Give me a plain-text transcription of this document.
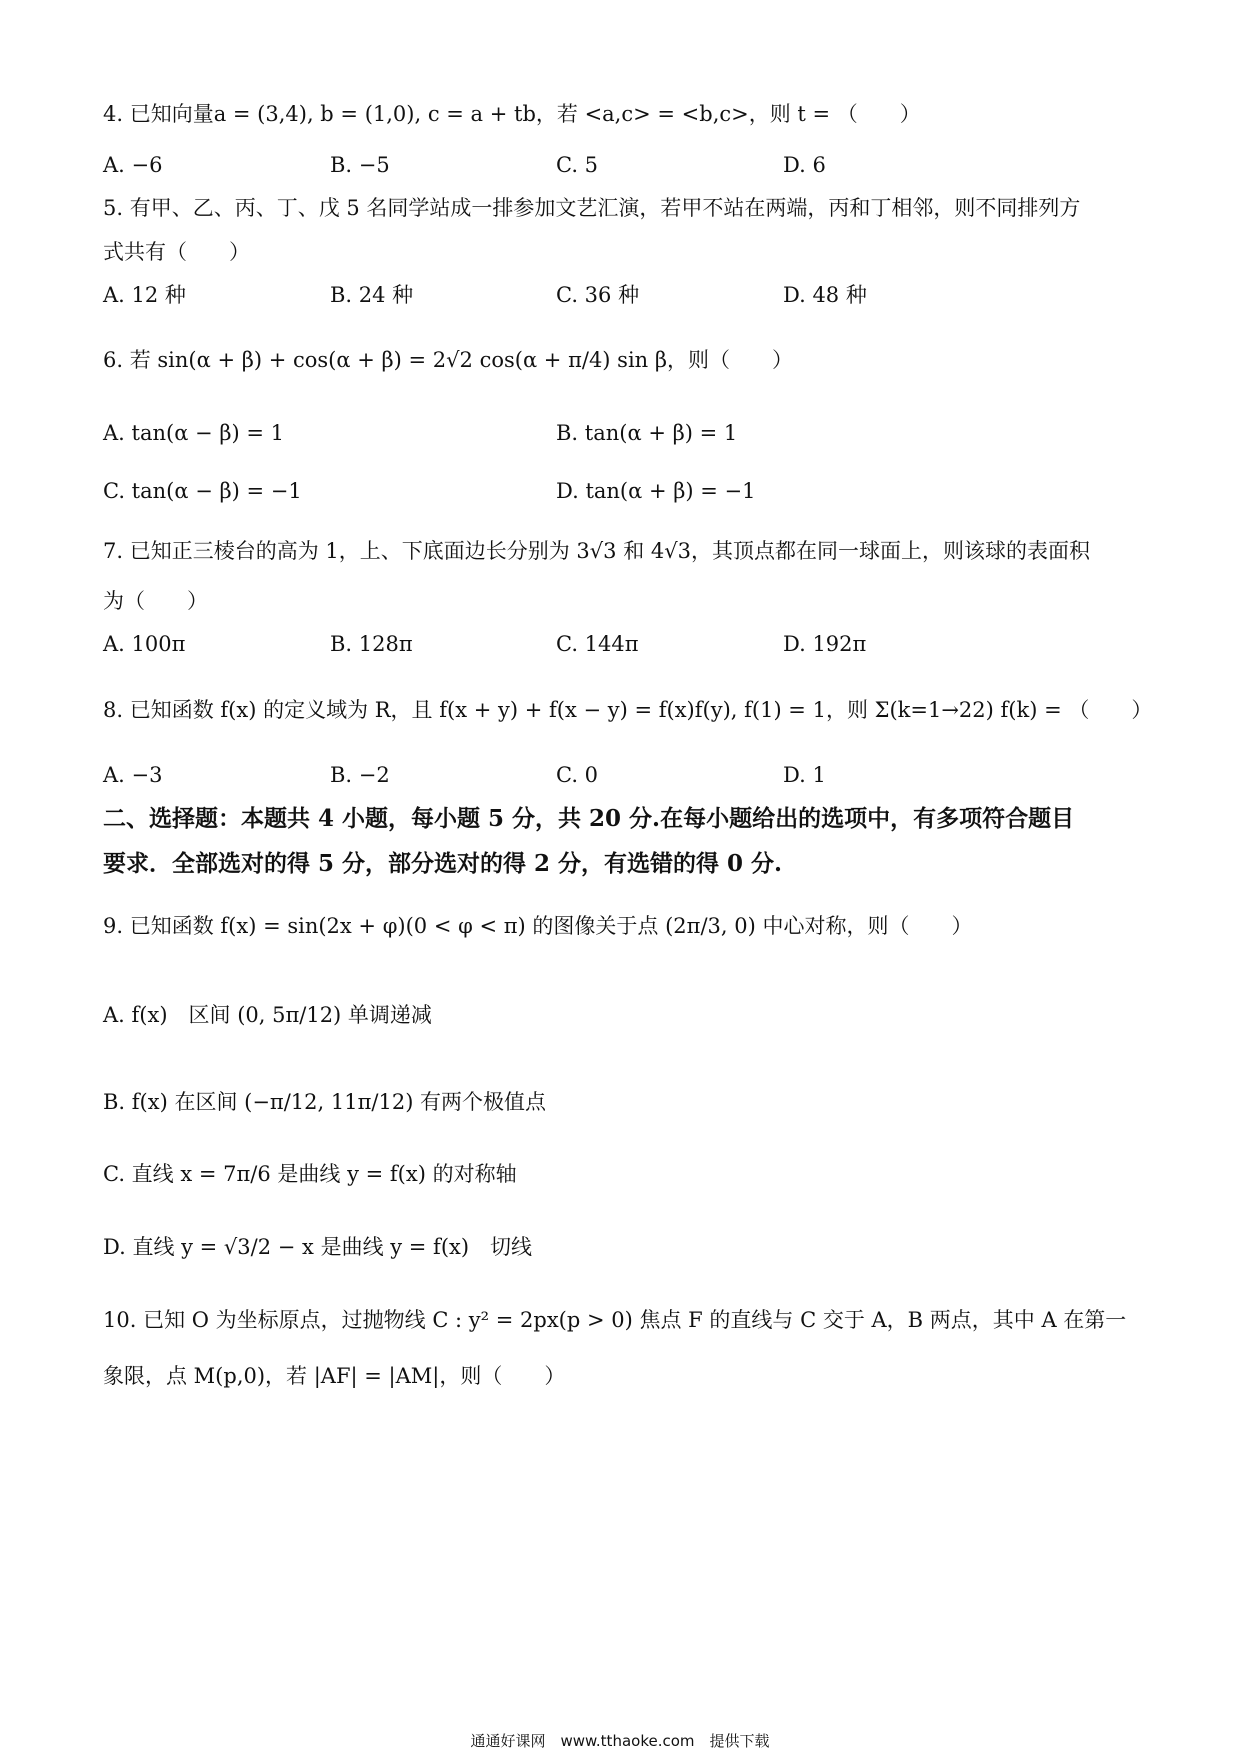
4. 已知向量a = (3,4), b = (1,0), c = a + tb，若 <a,c> = <b,c>，则 t = （　　）
A. −6	B. −5	C. 5	D. 6
5. 有甲、乙、丙、丁、戊 5 名同学站成一排参加文艺汇演，若甲不站在两端，丙和丁相邻，则不同排列方
式共有（　　）
A. 12 种	B. 24 种	C. 36 种	D. 48 种
6. 若 sin(α + β) + cos(α + β) = 2√2 cos(α + π/4) sin β，则（　　）
A. tan(α − β) = 1	B. tan(α + β) = 1
C. tan(α − β) = −1	D. tan(α + β) = −1
7. 已知正三棱台的高为 1，上、下底面边长分别为 3√3 和 4√3，其顶点都在同一球面上，则该球的表面积
为（　　）
A. 100π	B. 128π	C. 144π	D. 192π
8. 已知函数 f(x) 的定义域为 R，且 f(x + y) + f(x − y) = f(x)f(y), f(1) = 1，则 Σ(k=1→22) f(k) = （　　）
A. −3	B. −2	C. 0	D. 1
二、选择题：本题共 4 小题，每小题 5 分，共 20 分.在每小题给出的选项中，有多项符合题目
要求．全部选对的得 5 分，部分选对的得 2 分，有选错的得 0 分.
9. 已知函数 f(x) = sin(2x + φ)(0 < φ < π) 的图像关于点 (2π/3, 0) 中心对称，则（　　）
A. f(x)　区间 (0, 5π/12) 单调递减
B. f(x) 在区间 (−π/12, 11π/12) 有两个极值点
C. 直线 x = 7π/6 是曲线 y = f(x) 的对称轴
D. 直线 y = √3/2 − x 是曲线 y = f(x)　切线
10. 已知 O 为坐标原点，过抛物线 C : y² = 2px(p > 0) 焦点 F 的直线与 C 交于 A，B 两点，其中 A 在第一
象限，点 M(p,0)，若 |AF| = |AM|，则（　　）
通通好课网　www.tthaoke.com　提供下载
